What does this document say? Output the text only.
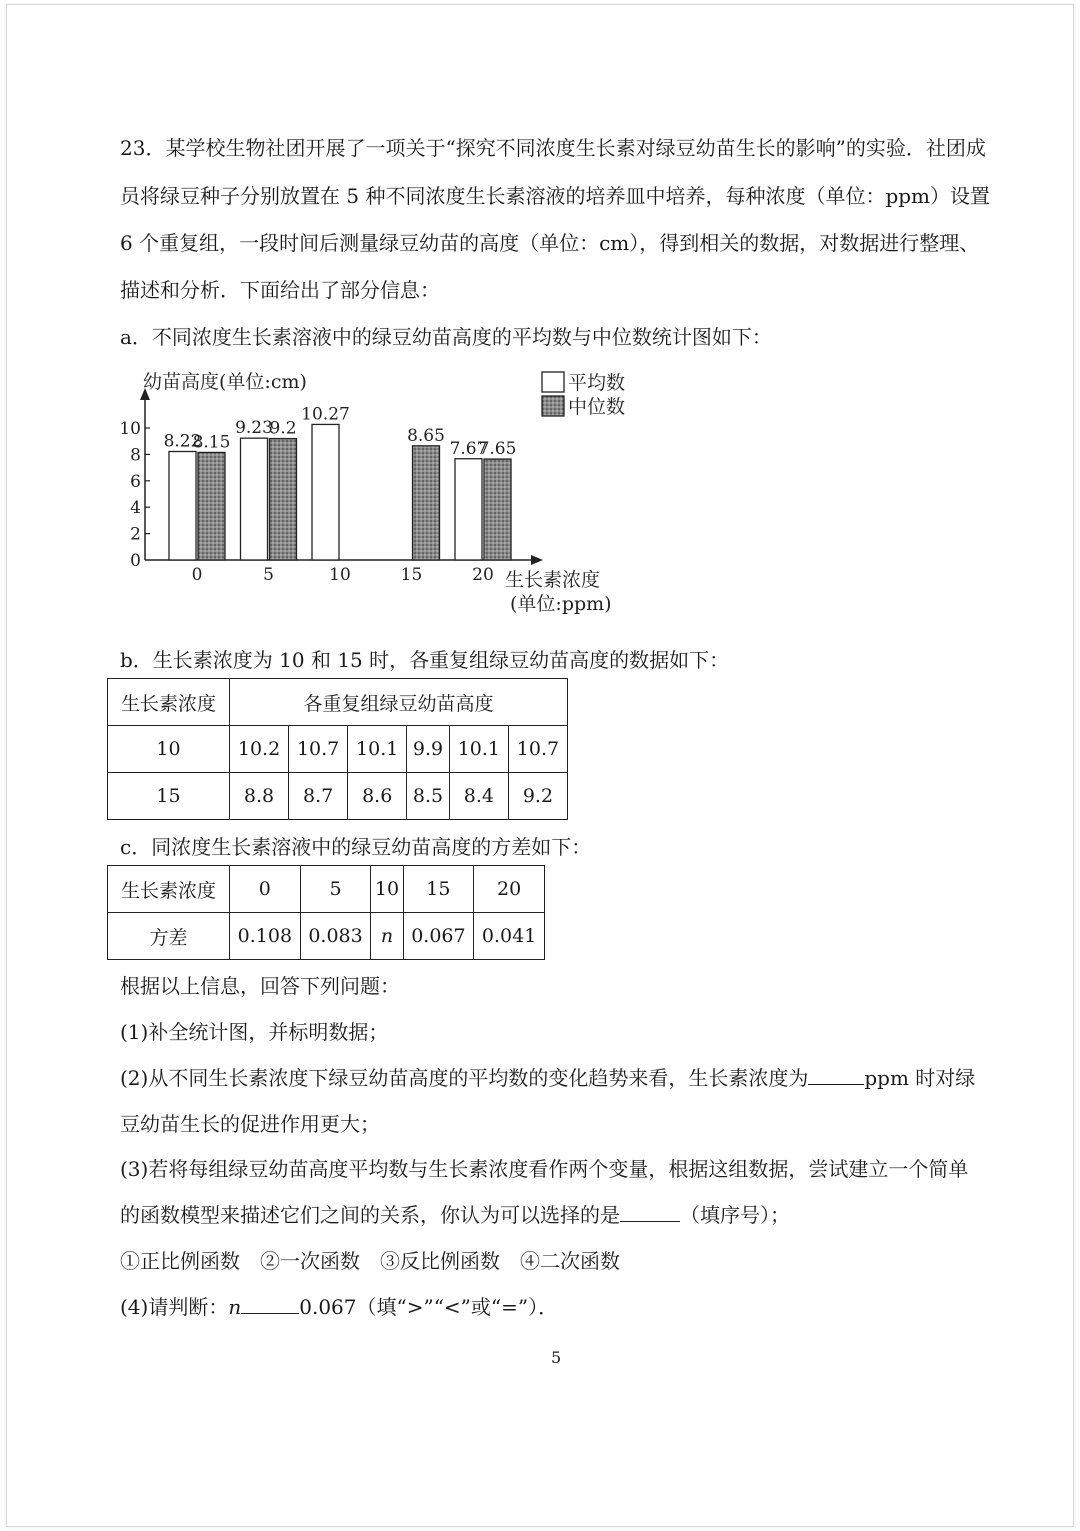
23．某学校生物社团开展了一项关于“探究不同浓度生长素对绿豆幼苗生长的影响”的实验．社团成
员将绿豆种子分别放置在 5 种不同浓度生长素溶液的培养皿中培养，每种浓度（单位：ppm）设置
6 个重复组，一段时间后测量绿豆幼苗的高度（单位：cm），得到相关的数据，对数据进行整理、
描述和分析．下面给出了部分信息：
a．不同浓度生长素溶液中的绿豆幼苗高度的平均数与中位数统计图如下：
0
2
4
6
8
10
幼苗高度(单位:cm)
生长素浓度
(单位:ppm)
0
8.22
8.15
5
9.23
9.2
10
10.27
15
8.65
20
7.67
7.65
平均数
中位数
b．生长素浓度为 10 和 15 时，各重复组绿豆幼苗高度的数据如下：
生长素浓度	各重复组绿豆幼苗高度					
10	10.2	10.7	10.1	9.9	10.1	10.7
15	8.8	8.7	8.6	8.5	8.4	9.2
c．同浓度生长素溶液中的绿豆幼苗高度的方差如下：
生长素浓度	0	5	10	15	20
方差	0.108	0.083	n	0.067	0.041
根据以上信息，回答下列问题：
(1)补全统计图，并标明数据；
(2)从不同生长素浓度下绿豆幼苗高度的平均数的变化趋势来看，生长素浓度为	ppm 时对绿
豆幼苗生长的促进作用更大；
(3)若将每组绿豆幼苗高度平均数与生长素浓度看作两个变量，根据这组数据，尝试建立一个简单
的函数模型来描述它们之间的关系，你认为可以选择的是	（填序号）；
①正比例函数　②一次函数　③反比例函数　④二次函数
(4)请判断：n	0.067（填“>”“<”或“=”）．
5
